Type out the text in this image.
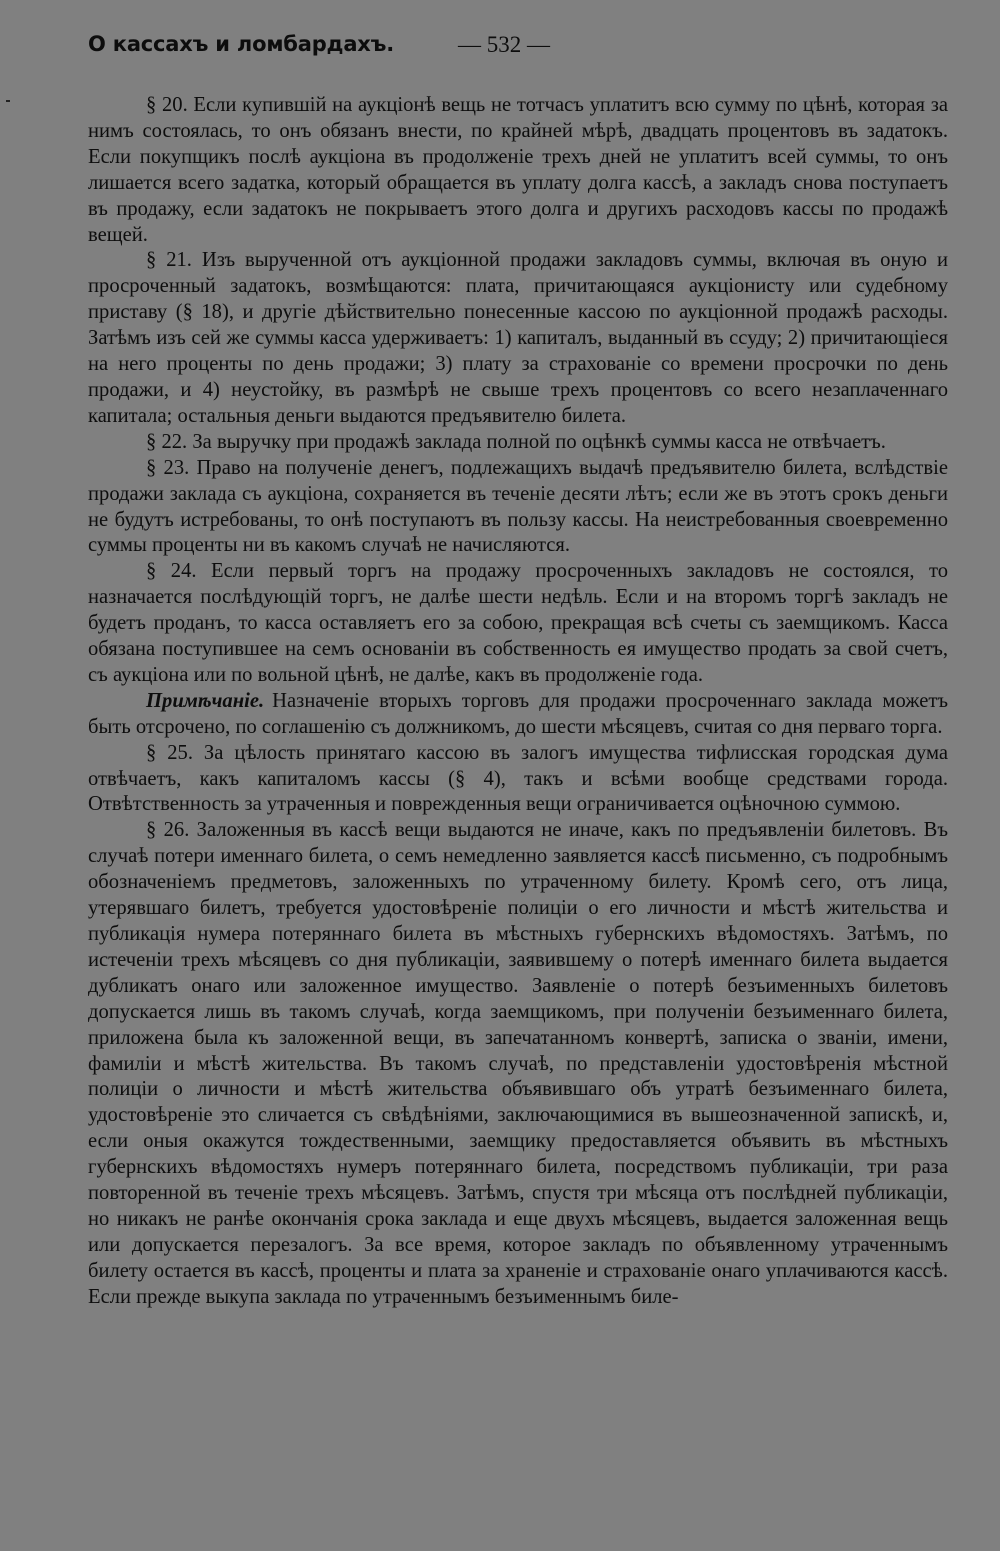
О кассахъ и ломбардахъ.	— 532 —

§ 20. Если купившій на аукціонѣ вещь не тотчасъ уплатитъ всю сумму по цѣнѣ, которая за нимъ состоялась, то онъ обязанъ внести, по крайней мѣрѣ, двадцать процентовъ въ задатокъ. Если покупщикъ послѣ аукціона въ продолженіе трехъ дней не уплатитъ всей суммы, то онъ лишается всего задатка, который обращается въ уплату долга кассѣ, а закладъ снова поступаетъ въ продажу, если задатокъ не покрываетъ этого долга и другихъ расходовъ кассы по продажѣ вещей.

§ 21. Изъ вырученной отъ аукціонной продажи закладовъ суммы, включая въ оную и просроченный задатокъ, возмѣщаются: плата, причитающаяся аукціонисту или судебному приставу (§ 18), и другіе дѣйствительно понесенные кассою по аукціонной продажѣ расходы. Затѣмъ изъ сей же суммы касса удерживаетъ: 1) капиталъ, выданный въ ссуду; 2) причитающіеся на него проценты по день продажи; 3) плату за страхованіе со времени просрочки по день продажи, и 4) неустойку, въ размѣрѣ не свыше трехъ процентовъ со всего незаплаченнаго капитала; остальныя деньги выдаются предъявителю билета.

§ 22. За выручку при продажѣ заклада полной по оцѣнкѣ суммы касса не отвѣчаетъ.

§ 23. Право на полученіе денегъ, подлежащихъ выдачѣ предъявителю билета, вслѣдствіе продажи заклада съ аукціона, сохраняется въ теченіе десяти лѣтъ; если же въ этотъ срокъ деньги не будутъ истребованы, то онѣ поступаютъ въ пользу кассы. На неистребованныя своевременно суммы проценты ни въ какомъ случаѣ не начисляются.

§ 24. Если первый торгъ на продажу просроченныхъ закладовъ не состоялся, то назначается послѣдующій торгъ, не далѣе шести недѣль. Если и на второмъ торгѣ закладъ не будетъ проданъ, то касса оставляетъ его за собою, прекращая всѣ счеты съ заемщикомъ. Касса обязана поступившее на семъ основаніи въ собственность ея имущество продать за свой счетъ, съ аукціона или по вольной цѣнѣ, не далѣе, какъ въ продолженіе года.

Примѣчаніе. Назначеніе вторыхъ торговъ для продажи просроченнаго заклада можетъ быть отсрочено, по соглашенію съ должникомъ, до шести мѣсяцевъ, считая со дня перваго торга.

§ 25. За цѣлость принятаго кассою въ залогъ имущества тифлисская городская дума отвѣчаетъ, какъ капиталомъ кассы (§ 4), такъ и всѣми вообще средствами города. Отвѣтственность за утраченныя и поврежденныя вещи ограничивается оцѣночною суммою.

§ 26. Заложенныя въ кассѣ вещи выдаются не иначе, какъ по предъявленіи билетовъ. Въ случаѣ потери именнаго билета, о семъ немедленно заявляется кассѣ письменно, съ подробнымъ обозначеніемъ предметовъ, заложенныхъ по утраченному билету. Кромѣ сего, отъ лица, утерявшаго билетъ, требуется удостовѣреніе полиціи о его личности и мѣстѣ жительства и публикація нумера потеряннаго билета въ мѣстныхъ губернскихъ вѣдомостяхъ. Затѣмъ, по истеченіи трехъ мѣсяцевъ со дня публикаціи, заявившему о потерѣ именнаго билета выдается дубликатъ онаго или заложенное имущество. Заявленіе о потерѣ безъименныхъ билетовъ допускается лишь въ такомъ случаѣ, когда заемщикомъ, при полученіи безъименнаго билета, приложена была къ заложенной вещи, въ запечатанномъ конвертѣ, записка о званіи, имени, фамиліи и мѣстѣ жительства. Въ такомъ случаѣ, по представленіи удостовѣренія мѣстной полиціи о личности и мѣстѣ жительства объявившаго объ утратѣ безъименнаго билета, удостовѣреніе это сличается съ свѣдѣніями, заключающимися въ вышеозначенной запискѣ, и, если оныя окажутся тождественными, заемщику предоставляется объявить въ мѣстныхъ губернскихъ вѣдомостяхъ нумеръ потеряннаго билета, посредствомъ публикаціи, три раза повторенной въ теченіе трехъ мѣсяцевъ. Затѣмъ, спустя три мѣсяца отъ послѣдней публикаціи, но никакъ не ранѣе окончанія срока заклада и еще двухъ мѣсяцевъ, выдается заложенная вещь или допускается перезалогъ. За все время, которое закладъ по объявленному утраченнымъ билету остается въ кассѣ, проценты и плата за храненіе и страхованіе онаго уплачиваются кассѣ. Если прежде выкупа заклада по утраченнымъ безъименнымъ биле-
